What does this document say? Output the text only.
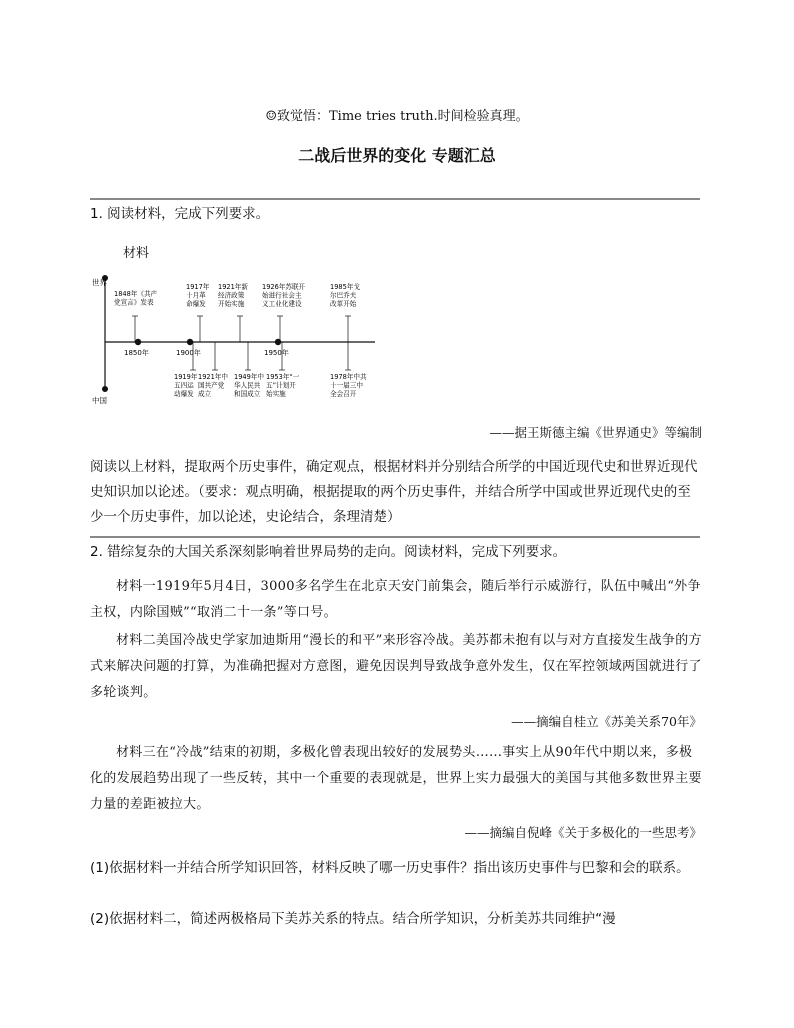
☺致觉悟：Time tries truth.时间检验真理。
二战后世界的变化 专题汇总
1. 阅读材料，完成下列要求。
材料
世界
中国
1850年	1900年	1950年
1848年《共产党宣言》发表
1917年十月革命爆发
1921年新经济政策开始实施
1926年苏联开始进行社会主义工业化建设
1985年戈尔巴乔夫改革开始
1919年五四运动爆发
1921年中国共产党成立
1949年中华人民共和国成立
1953年“一五”计划开始实施
1978年中共十一届三中全会召开
——据王斯德主编《世界通史》等编制
阅读以上材料，提取两个历史事件，确定观点，根据材料并分别结合所学的中国近现代史和世界近现代史知识加以论述。（要求：观点明确，根据提取的两个历史事件，并结合所学中国或世界近现代史的至少一个历史事件，加以论述，史论结合，条理清楚）
2. 错综复杂的大国关系深刻影响着世界局势的走向。阅读材料，完成下列要求。
材料一1919年5月4日，3000多名学生在北京天安门前集会，随后举行示威游行，队伍中喊出“外争主权，内除国贼”“取消二十一条”等口号。
材料二美国冷战史学家加迪斯用“漫长的和平”来形容冷战。美苏都未抱有以与对方直接发生战争的方式来解决问题的打算，为准确把握对方意图，避免因误判导致战争意外发生，仅在军控领域两国就进行了多轮谈判。
——摘编自桂立《苏美关系70年》
材料三在“冷战”结束的初期，多极化曾表现出较好的发展势头……事实上从90年代中期以来，多极化的发展趋势出现了一些反转，其中一个重要的表现就是，世界上实力最强大的美国与其他多数世界主要力量的差距被拉大。
——摘编自倪峰《关于多极化的一些思考》
(1)依据材料一并结合所学知识回答，材料反映了哪一历史事件？指出该历史事件与巴黎和会的联系。
(2)依据材料二，简述两极格局下美苏关系的特点。结合所学知识，分析美苏共同维护“漫
